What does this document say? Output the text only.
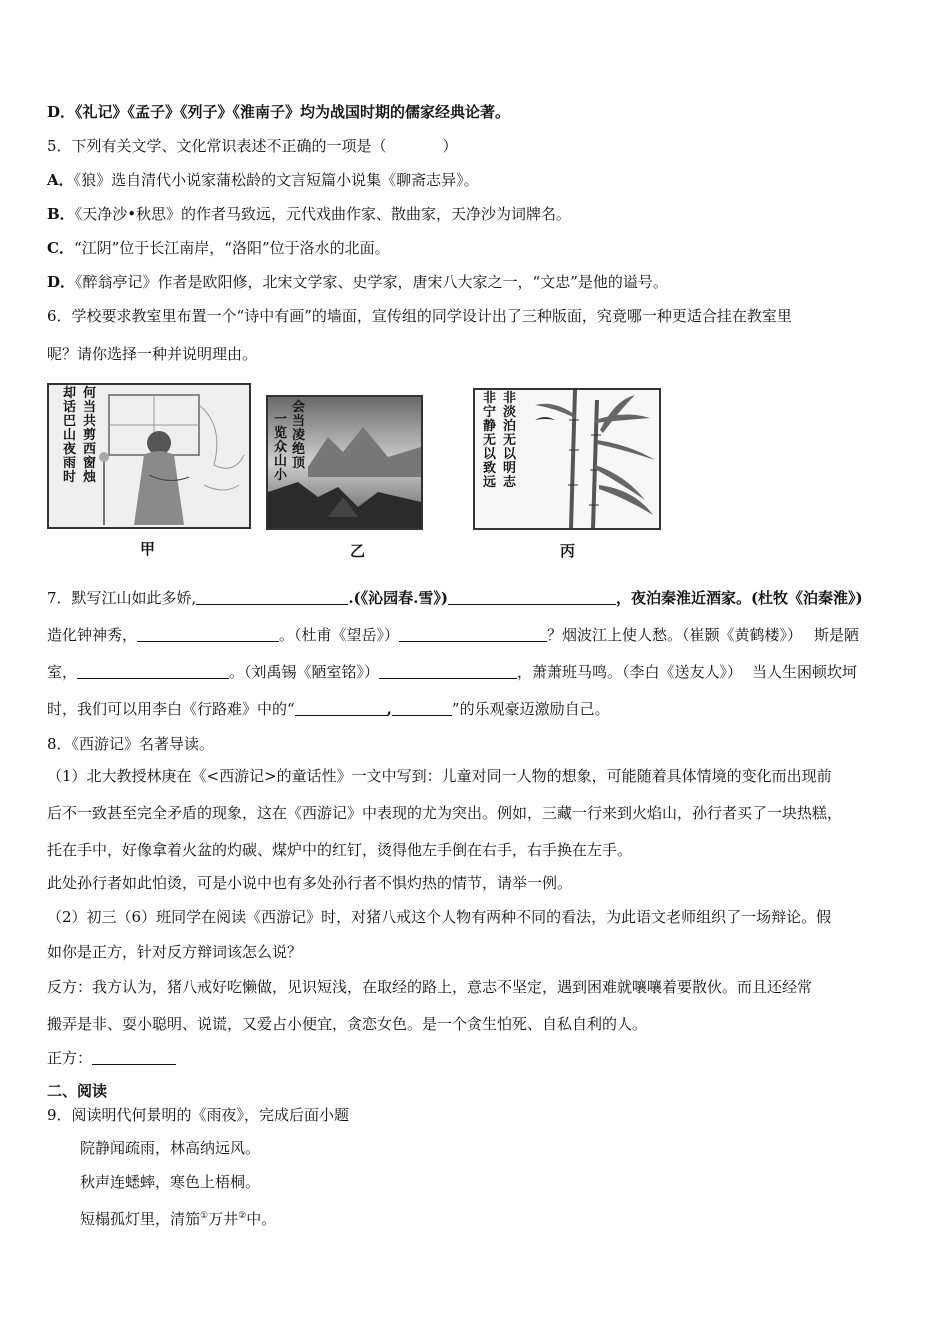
D．《礼记》《孟子》《列子》《淮南子》均为战国时期的儒家经典论著。
5．下列有关文学、文化常识表述不正确的一项是（	）
A．《狼》选自清代小说家蒲松龄的文言短篇小说集《聊斋志异》。
B．《天净沙•秋思》的作者马致远，元代戏曲作家、散曲家，天净沙为词牌名。
C．“江阴”位于长江南岸，“洛阳”位于洛水的北面。
D．《醉翁亭记》作者是欧阳修，北宋文学家、史学家，唐宋八大家之一，“文忠”是他的谥号。
6．学校要求教室里布置一个“诗中有画”的墙面，宣传组的同学设计出了三种版面，究竟哪一种更适合挂在教室里
呢？请你选择一种并说明理由。
何当共剪西窗烛
却话巴山夜雨时
甲
会当凌绝顶
一览众山小
乙
非淡泊无以明志
非宁静无以致远
丙
7．默写江山如此多娇,	.(《沁园春.雪》)	，夜泊秦淮近酒家。(杜牧《泊秦淮》)
造化钟神秀，	。（杜甫《望岳》）	？烟波江上使人愁。（崔颢《黄鹤楼》） 斯是陋
室，	。（刘禹锡《陋室铭》）	，萧萧班马鸣。（李白《送友人》） 当人生困顿坎坷
时，我们可以用李白《行路难》中的“	,	”的乐观豪迈激励自己。
8．《西游记》名著导读。
（1）北大教授林庚在《<西游记>的童话性》一文中写到：儿童对同一人物的想象，可能随着具体情境的变化而出现前
后不一致甚至完全矛盾的现象，这在《西游记》中表现的尤为突出。例如，三藏一行来到火焰山，孙行者买了一块热糕，
托在手中，好像拿着火盆的灼碳、煤炉中的红钉，烫得他左手倒在右手，右手换在左手。
此处孙行者如此怕烫，可是小说中也有多处孙行者不惧灼热的情节，请举一例。
（2）初三（6）班同学在阅读《西游记》时，对猪八戒这个人物有两种不同的看法，为此语文老师组织了一场辩论。假
如你是正方，针对反方辩词该怎么说？
反方：我方认为，猪八戒好吃懒做，见识短浅，在取经的路上，意志不坚定，遇到困难就嚷嚷着要散伙。而且还经常
搬弄是非、耍小聪明、说谎，又爱占小便宜，贪恋女色。是一个贪生怕死、自私自利的人。
正方：
二、阅读
9．阅读明代何景明的《雨夜》，完成后面小题
院静闻疏雨，林高纳远风。
秋声连蟋蟀，寒色上梧桐。
短榻孤灯里，清笳①万井②中。
